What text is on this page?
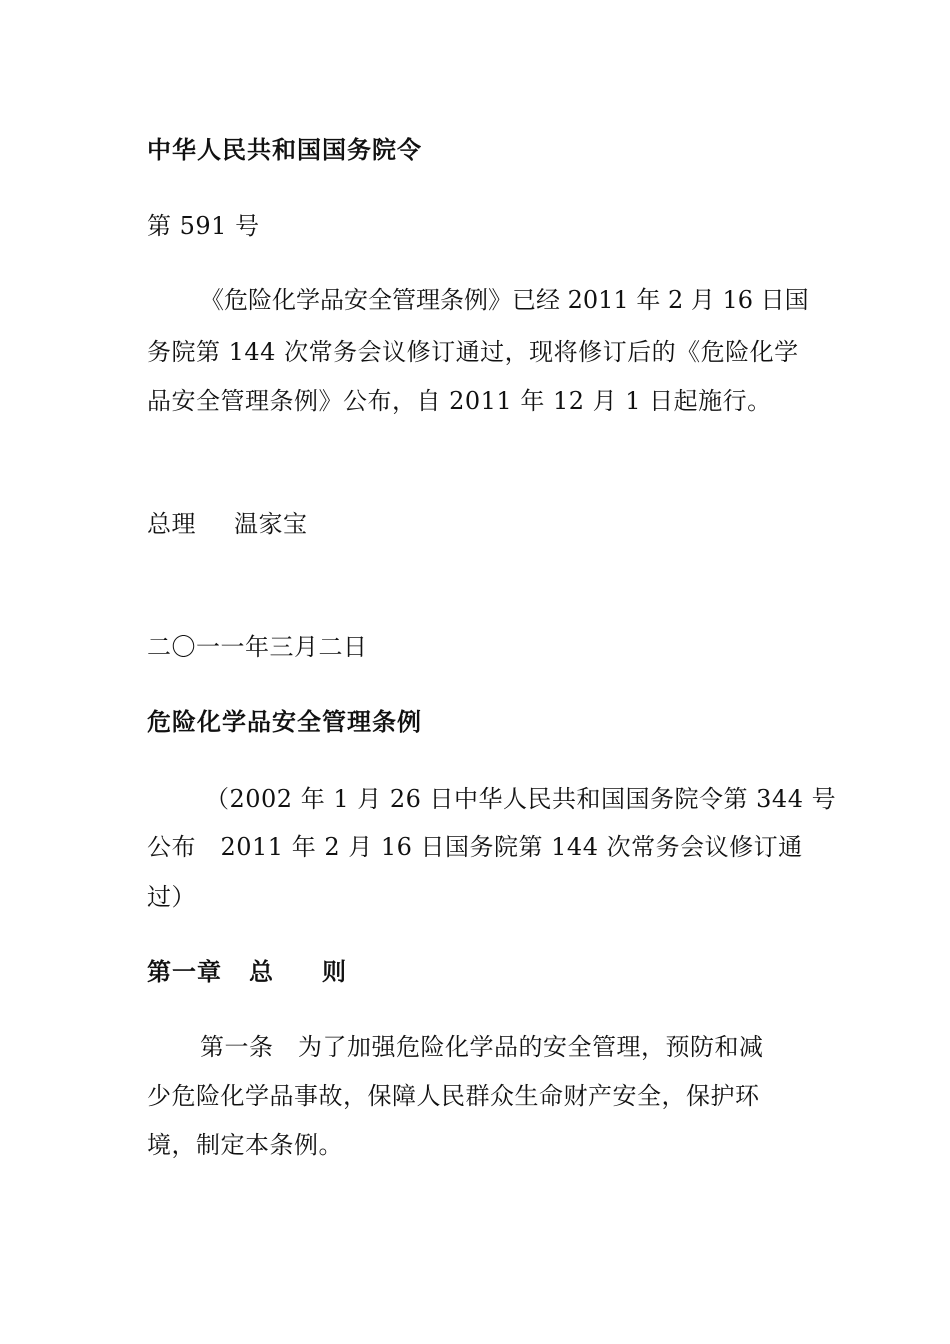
中华人民共和国国务院令
第 591 号
《危险化学品安全管理条例》已经 2011 年 2 月 16 日国
务院第 144 次常务会议修订通过，现将修订后的《危险化学
品安全管理条例》公布，自 2011 年 12 月 1 日起施行。
总理 温家宝
二〇一一年三月二日
危险化学品安全管理条例
（2002 年 1 月 26 日中华人民共和国国务院令第 344 号
公布　2011 年 2 月 16 日国务院第 144 次常务会议修订通
过）
第一章 总 则
第一条　为了加强危险化学品的安全管理，预防和减
少危险化学品事故，保障人民群众生命财产安全，保护环
境，制定本条例。
